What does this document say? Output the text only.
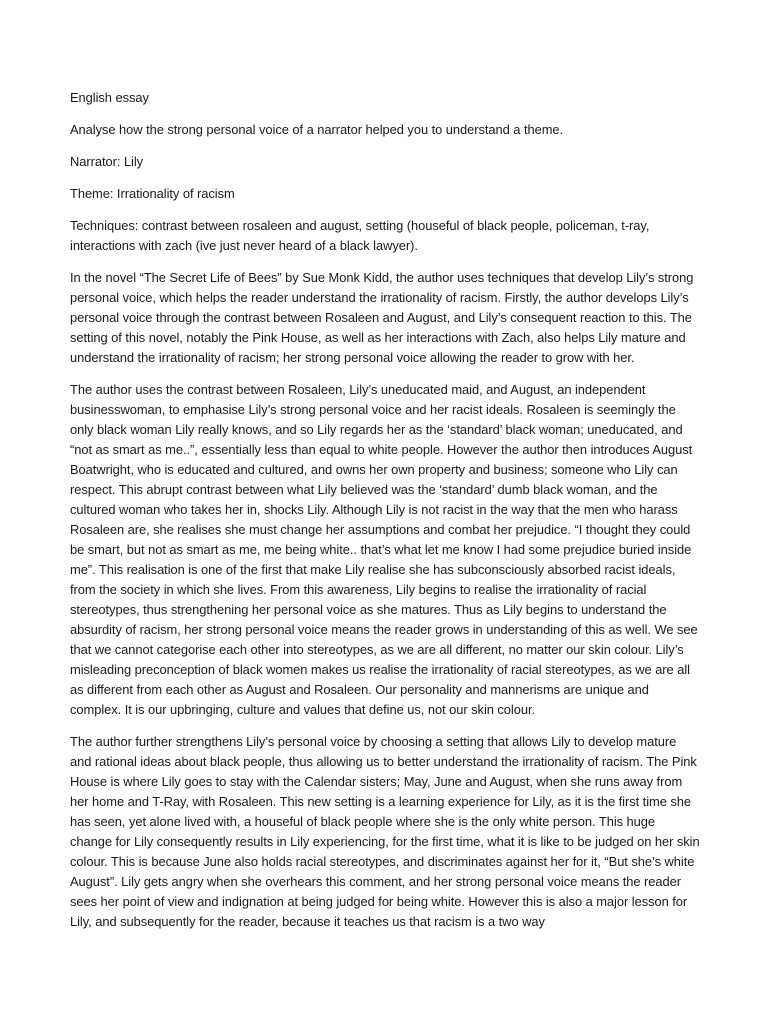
English essay

Analyse how the strong personal voice of a narrator helped you to understand a theme.

Narrator: Lily

Theme: Irrationality of racism

Techniques: contrast between rosaleen and august, setting (houseful of black people, policeman, t-ray, interactions with zach (ive just never heard of a black lawyer).

In the novel “The Secret Life of Bees” by Sue Monk Kidd, the author uses techniques that develop Lily’s strong personal voice, which helps the reader understand the irrationality of racism. Firstly, the author develops Lily’s personal voice through the contrast between Rosaleen and August, and Lily’s consequent reaction to this. The setting of this novel, notably the Pink House, as well as her interactions with Zach, also helps Lily mature and understand the irrationality of racism; her strong personal voice allowing the reader to grow with her.

The author uses the contrast between Rosaleen, Lily’s uneducated maid, and August, an independent businesswoman, to emphasise Lily’s strong personal voice and her racist ideals. Rosaleen is seemingly the only black woman Lily really knows, and so Lily regards her as the ‘standard’ black woman; uneducated, and “not as smart as me..”, essentially less than equal to white people. However the author then introduces August Boatwright, who is educated and cultured, and owns her own property and business; someone who Lily can respect. This abrupt contrast between what Lily believed was the ‘standard’ dumb black woman, and the cultured woman who takes her in, shocks Lily. Although Lily is not racist in the way that the men who harass Rosaleen are, she realises she must change her assumptions and combat her prejudice. “I thought they could be smart, but not as smart as me, me being white.. that’s what let me know I had some prejudice buried inside me”. This realisation is one of the first that make Lily realise she has subconsciously absorbed racist ideals, from the society in which she lives. From this awareness, Lily begins to realise the irrationality of racial stereotypes, thus strengthening her personal voice as she matures. Thus as Lily begins to understand the absurdity of racism, her strong personal voice means the reader grows in understanding of this as well. We see that we cannot categorise each other into stereotypes, as we are all different, no matter our skin colour. Lily’s misleading preconception of black women makes us realise the irrationality of racial stereotypes, as we are all as different from each other as August and Rosaleen. Our personality and mannerisms are unique and complex. It is our upbringing, culture and values that define us, not our skin colour.

The author further strengthens Lily’s personal voice by choosing a setting that allows Lily to develop mature and rational ideas about black people, thus allowing us to better understand the irrationality of racism. The Pink House is where Lily goes to stay with the Calendar sisters; May, June and August, when she runs away from her home and T-Ray, with Rosaleen. This new setting is a learning experience for Lily, as it is the first time she has seen, yet alone lived with, a houseful of black people where she is the only white person. This huge change for Lily consequently results in Lily experiencing, for the first time, what it is like to be judged on her skin colour. This is because June also holds racial stereotypes, and discriminates against her for it, “But she’s white August”. Lily gets angry when she overhears this comment, and her strong personal voice means the reader sees her point of view and indignation at being judged for being white. However this is also a major lesson for Lily, and subsequently for the reader, because it teaches us that racism is a two way
